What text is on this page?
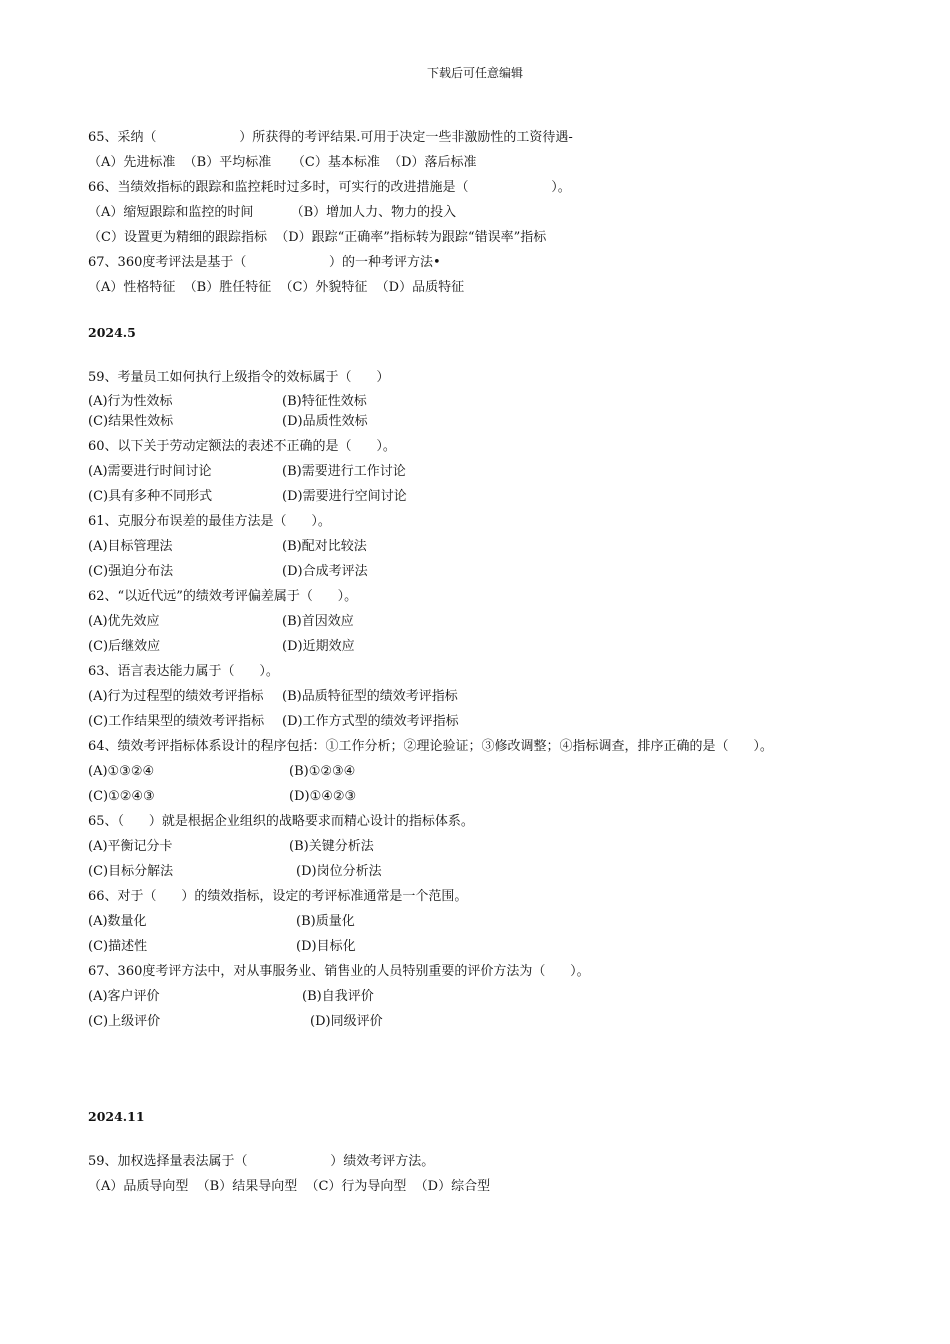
下载后可任意编辑
65、采纳（                    ）所获得的考评结果.可用于决定一些非激励性的工资待遇-
（A）先进标准  （B）平均标准     （C）基本标准  （D）落后标准
66、当绩效指标的跟踪和监控耗时过多时，可实行的改进措施是（                    ）。
（A）缩短跟踪和监控的时间         （B）增加人力、物力的投入
（C）设置更为精细的跟踪指标  （D）跟踪“正确率”指标转为跟踪“错误率”指标
67、360度考评法是基于（                    ）的一种考评方法•
（A）性格特征  （B）胜任特征  （C）外貌特征  （D）品质特征
2024.5
59、考量员工如何执行上级指令的效标属于（      ）
(A)行为性效标	(B)特征性效标
(C)结果性效标	(D)品质性效标
60、以下关于劳动定额法的表述不正确的是（      ）。
(A)需要进行时间讨论	(B)需要进行工作讨论
(C)具有多种不同形式	(D)需要进行空间讨论
61、克服分布误差的最佳方法是（      ）。
(A)目标管理法	(B)配对比较法
(C)强迫分布法	(D)合成考评法
62、“以近代远”的绩效考评偏差属于（      ）。
(A)优先效应	(B)首因效应
(C)后继效应	(D)近期效应
63、语言表达能力属于（      ）。
(A)行为过程型的绩效考评指标	(B)品质特征型的绩效考评指标
(C)工作结果型的绩效考评指标	(D)工作方式型的绩效考评指标
64、绩效考评指标体系设计的程序包括：①工作分析；②理论验证；③修改调整；④指标调查，排序正确的是（      ）。
(A)①③②④	(B)①②③④
(C)①②④③	(D)①④②③
65、（      ）就是根据企业组织的战略要求而精心设计的指标体系。
(A)平衡记分卡	(B)关键分析法
(C)目标分解法	(D)岗位分析法
66、对于（      ）的绩效指标，设定的考评标准通常是一个范围。
(A)数量化	(B)质量化
(C)描述性	(D)目标化
67、360度考评方法中，对从事服务业、销售业的人员特别重要的评价方法为（      ）。
(A)客户评价	(B)自我评价
(C)上级评价	(D)同级评价
2024.11
59、加权选择量表法属于（                    ）绩效考评方法。
（A）品质导向型  （B）结果导向型  （C）行为导向型  （D）综合型
